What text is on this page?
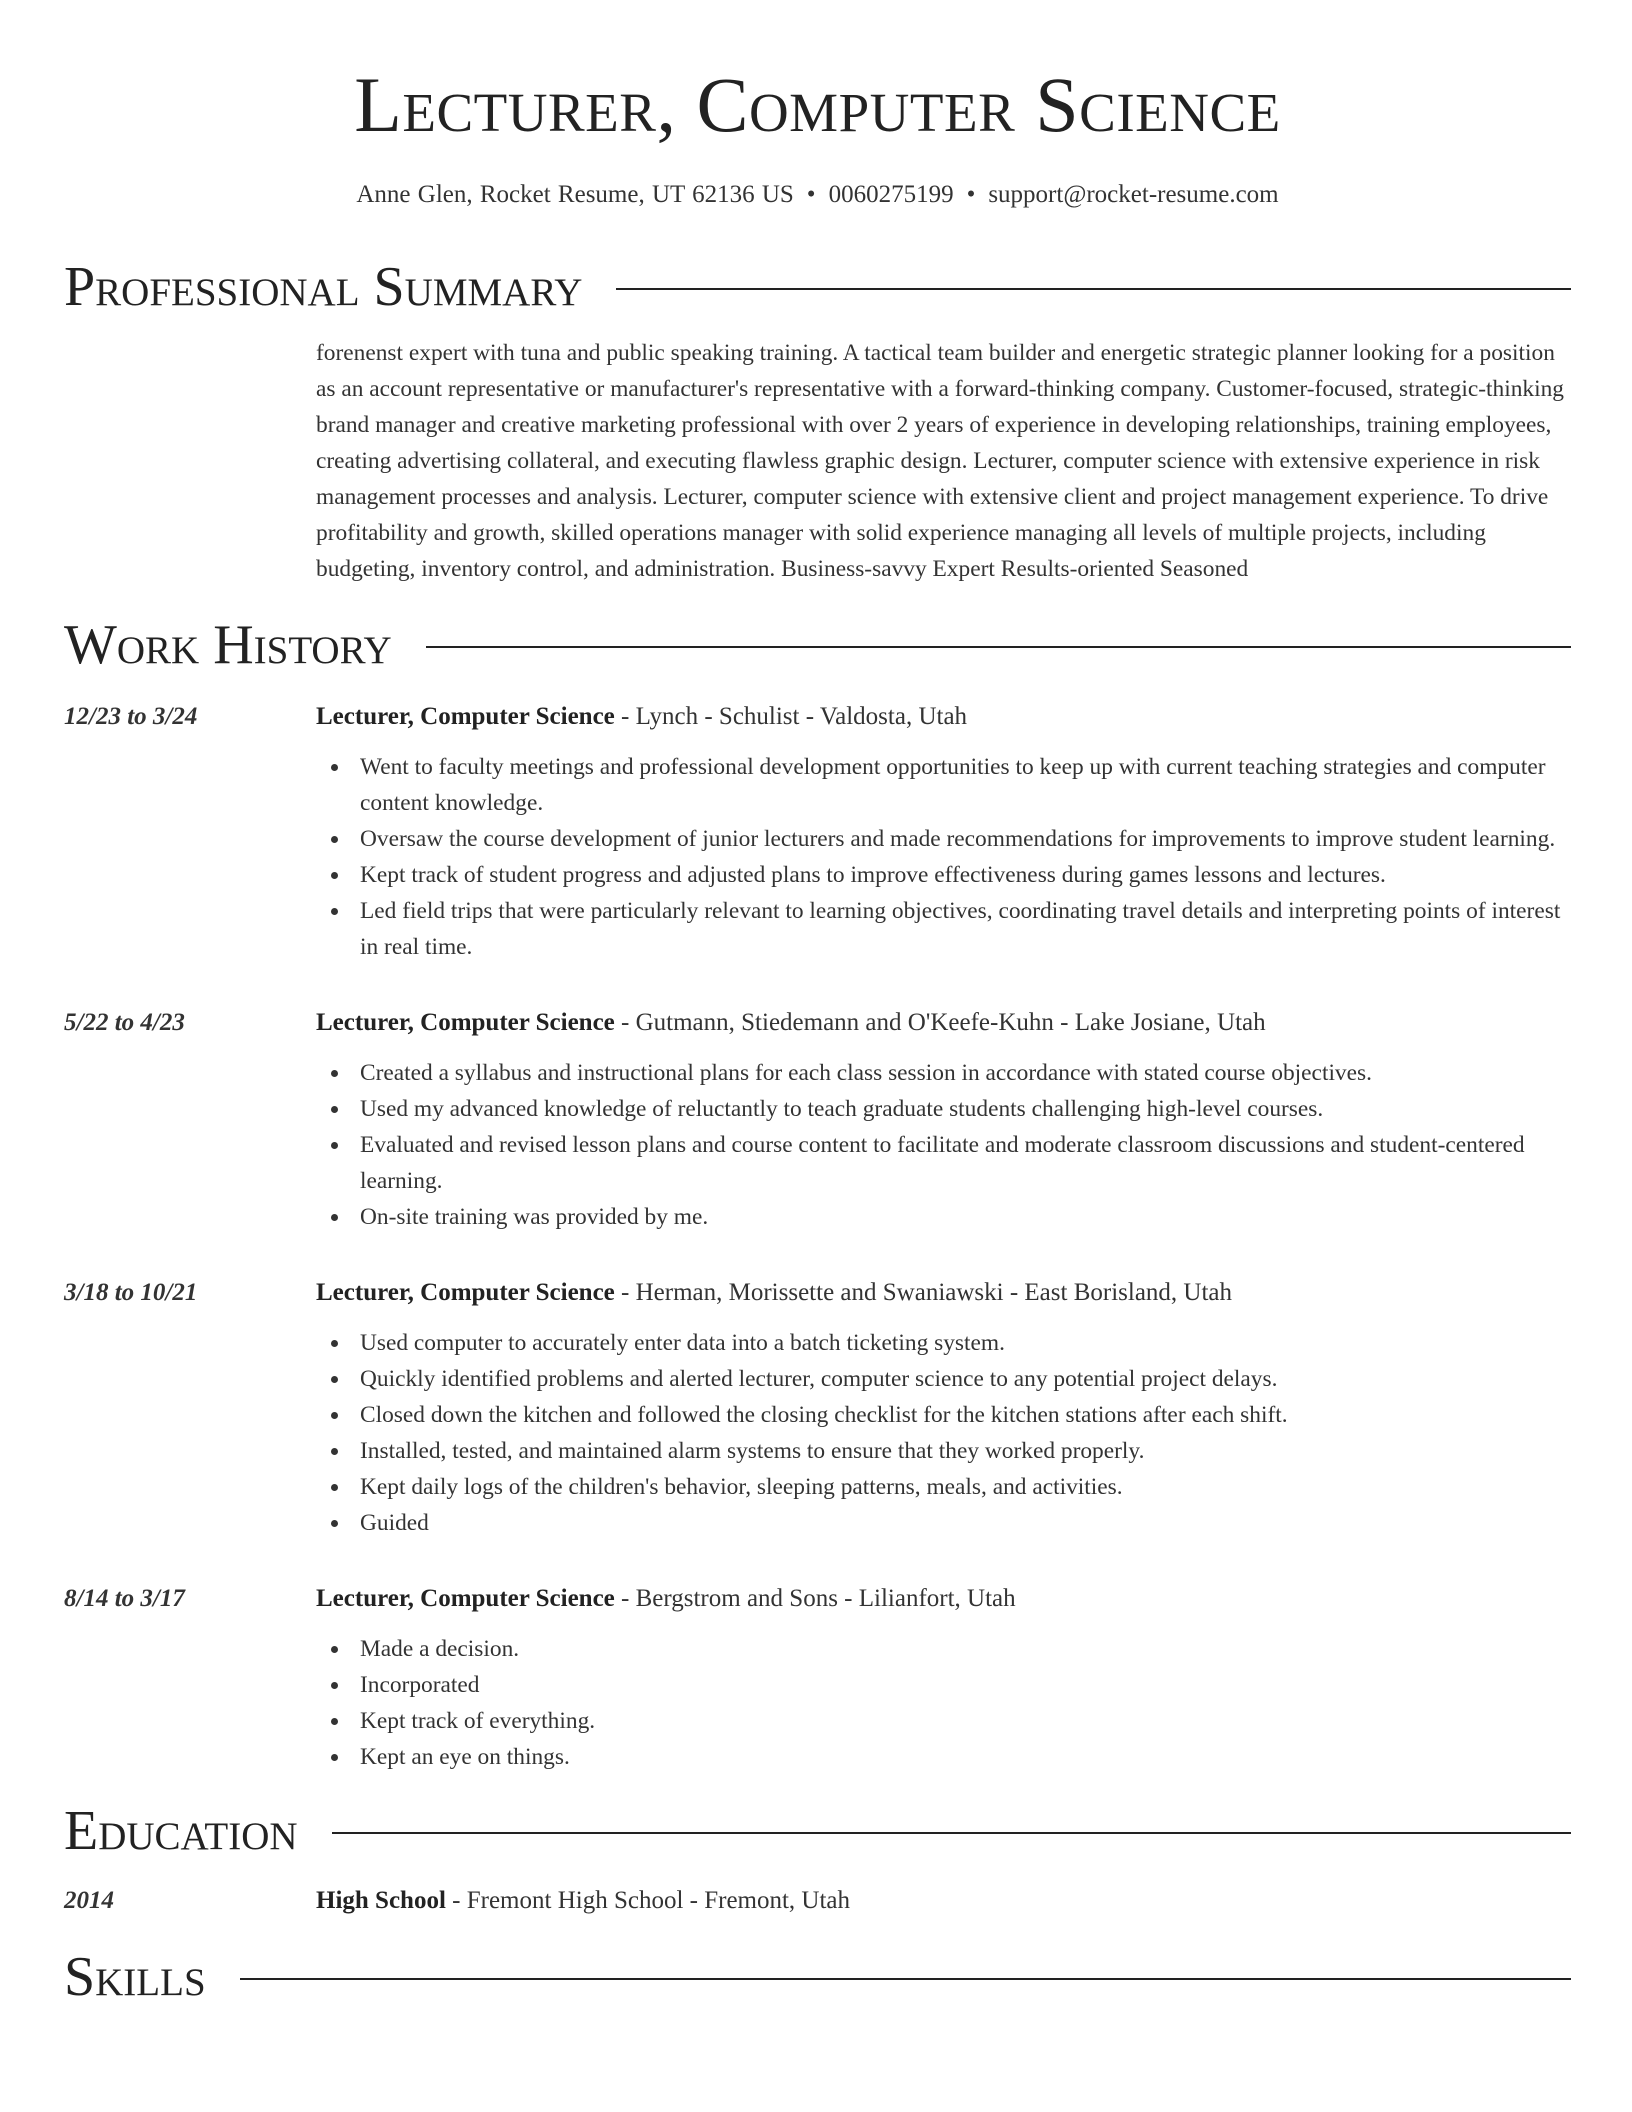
Lecturer, Computer Science
Anne Glen, Rocket Resume, UT 62136 US • 0060275199 • support@rocket-resume.com
Professional Summary

forenenst expert with tuna and public speaking training. A tactical team builder and energetic strategic planner looking for a position as an account representative or manufacturer's representative with a forward-thinking company. Customer-focused, strategic-thinking brand manager and creative marketing professional with over 2 years of experience in developing relationships, training employees, creating advertising collateral, and executing flawless graphic design. Lecturer, computer science with extensive experience in risk management processes and analysis. Lecturer, computer science with extensive client and project management experience. To drive profitability and growth, skilled operations manager with solid experience managing all levels of multiple projects, including budgeting, inventory control, and administration. Business-savvy Expert Results-oriented Seasoned

Work History
12/23 to 3/24	Lecturer, Computer Science - Lynch - Schulist - Valdosta, Utah
Went to faculty meetings and professional development opportunities to keep up with current teaching strategies and computer content knowledge.
Oversaw the course development of junior lecturers and made recommendations for improvements to improve student learning.
Kept track of student progress and adjusted plans to improve effectiveness during games lessons and lectures.
Led field trips that were particularly relevant to learning objectives, coordinating travel details and interpreting points of interest in real time.
5/22 to 4/23	Lecturer, Computer Science - Gutmann, Stiedemann and O'Keefe-Kuhn - Lake Josiane, Utah
Created a syllabus and instructional plans for each class session in accordance with stated course objectives.
Used my advanced knowledge of reluctantly to teach graduate students challenging high-level courses.
Evaluated and revised lesson plans and course content to facilitate and moderate classroom discussions and student-centered learning.
On-site training was provided by me.
3/18 to 10/21	Lecturer, Computer Science - Herman, Morissette and Swaniawski - East Borisland, Utah
Used computer to accurately enter data into a batch ticketing system.
Quickly identified problems and alerted lecturer, computer science to any potential project delays.
Closed down the kitchen and followed the closing checklist for the kitchen stations after each shift.
Installed, tested, and maintained alarm systems to ensure that they worked properly.
Kept daily logs of the children's behavior, sleeping patterns, meals, and activities.
Guided
8/14 to 3/17	Lecturer, Computer Science - Bergstrom and Sons - Lilianfort, Utah
Made a decision.
Incorporated
Kept track of everything.
Kept an eye on things.
Education
2014	High School - Fremont High School - Fremont, Utah
Skills
